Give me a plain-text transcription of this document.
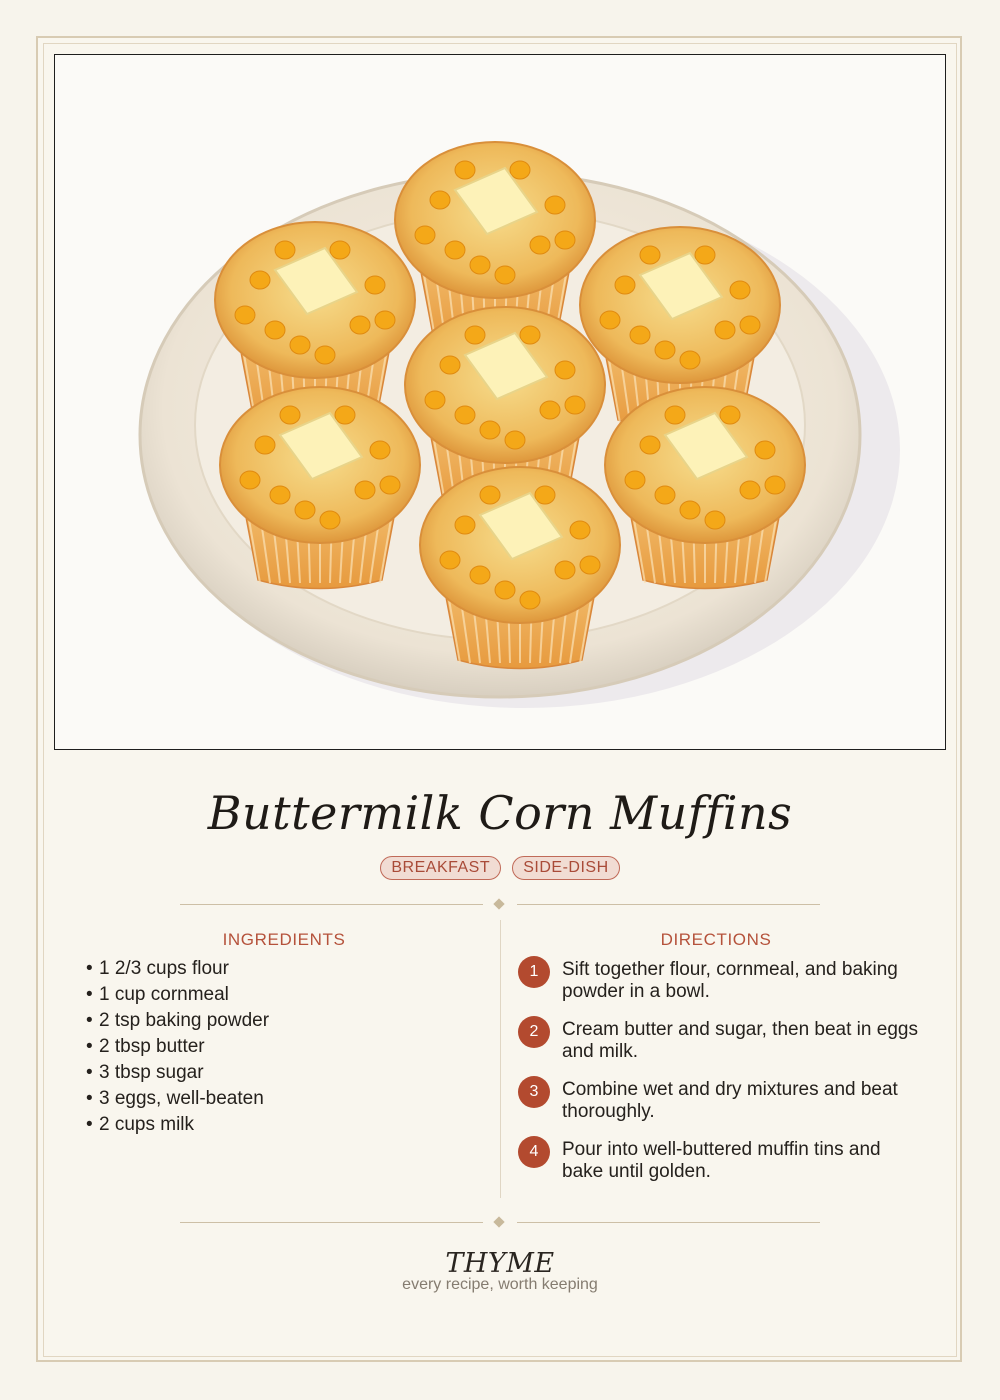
Buttermilk Corn Muffins
BREAKFAST SIDE-DISH
INGREDIENTS
• 1 2/3 cups flour
• 1 cup cornmeal
• 2 tsp baking powder
• 2 tbsp butter
• 3 tbsp sugar
• 3 eggs, well-beaten
• 2 cups milk
DIRECTIONS
1	Sift together flour, cornmeal, and baking powder in a bowl.
2	Cream butter and sugar, then beat in eggs and milk.
3	Combine wet and dry mixtures and beat thoroughly.
4	Pour into well-buttered muffin tins and bake until golden.
THYME
every recipe, worth keeping
